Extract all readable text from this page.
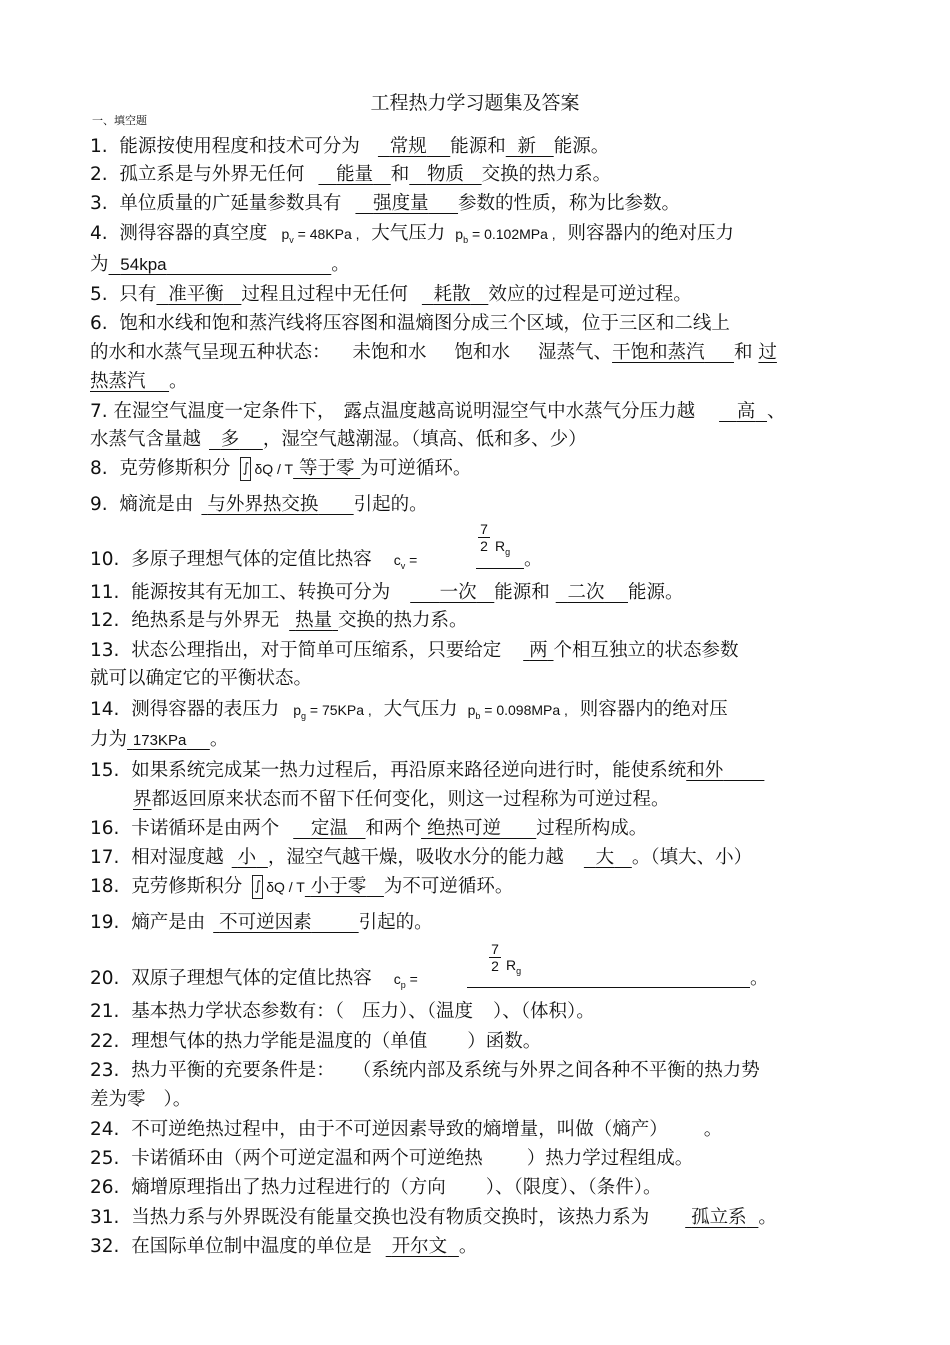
工程热力学习题集及答案
一、填空题
1. 能源按使用程度和技术可分为 常规 能源和 新 能源。
2. 孤立系是与外界无任何 能量 和 物质 交换的热力系。
3. 单位质量的广延量参数具有 强度量 参数的性质，称为比参数。
4. 测得容器的真空度 $p_v = 48KPa$ , 大气压力 $p_b = 0.102MPa$ , 则容器内的绝对压力
为 54kpa	。
5. 只有 准平衡 过程且过程中无任何 耗散 效应的过程是可逆过程。
6. 饱和水线和饱和蒸汽线将压容图和温熵图分成三个区域，位于三区和二线上
的水和水蒸气呈现五种状态： 未饱和水 饱和水 湿蒸气、干饱和蒸汽 和 过
热蒸汽 。
7. 在湿空气温度一定条件下， 露点温度越高说明湿空气中水蒸气分压力越 高 、
水蒸气含量越 多 ，湿空气越潮湿。（填高、低和多、少）
8. 克劳修斯积分 ∫ δQ / T 等于零 为可逆循环。
9. 熵流是由 与外界热交换 引起的。
10. 多原子理想气体的定值比热容 $c_v$ =
$\frac{7}{2} R_g$ 。
11. 能源按其有无加工、转换可分为	一次 能源和 二次 能源。
12. 绝热系是与外界无 热量 交换的热力系。
13. 状态公理指出，对于简单可压缩系，只要给定 两 个相互独立的状态参数
就可以确定它的平衡状态。
14. 测得容器的表压力 $p_g = 75KPa$ , 大气压力 $p_b = 0.098MPa$ , 则容器内的绝对压
力为 173KPa 。
15. 如果系统完成某一热力过程后，再沿原来路径逆向进行时，能使系统和外
界都返回原来状态而不留下任何变化，则这一过程称为可逆过程。
16. 卡诺循环是由两个 定温 和两个 绝热可逆 过程所构成。
17. 相对湿度越 小 ，湿空气越干燥，吸收水分的能力越 大 。（填大、小）
18. 克劳修斯积分 ∫ δQ / T 小于零 为不可逆循环。
19. 熵产是由 不可逆因素	引起的。
20. 双原子理想气体的定值比热容 $c_p$ =
$\frac{7}{2} R_g$	。
21. 基本热力学状态参数有：（ 压力）、（温度 ）、（体积）。
22. 理想气体的热力学能是温度的（单值 ）函数。
23. 热力平衡的充要条件是： （系统内部及系统与外界之间各种不平衡的热力势
差为零 ）。
24. 不可逆绝热过程中，由于不可逆因素导致的熵增量，叫做（熵产） 。
25. 卡诺循环由（两个可逆定温和两个可逆绝热 ）热力学过程组成。
26. 熵增原理指出了热力过程进行的（方向 ）、（限度）、（条件）。
31. 当热力系与外界既没有能量交换也没有物质交换时，该热力系为 孤立系 。
32. 在国际单位制中温度的单位是 开尔文 。
